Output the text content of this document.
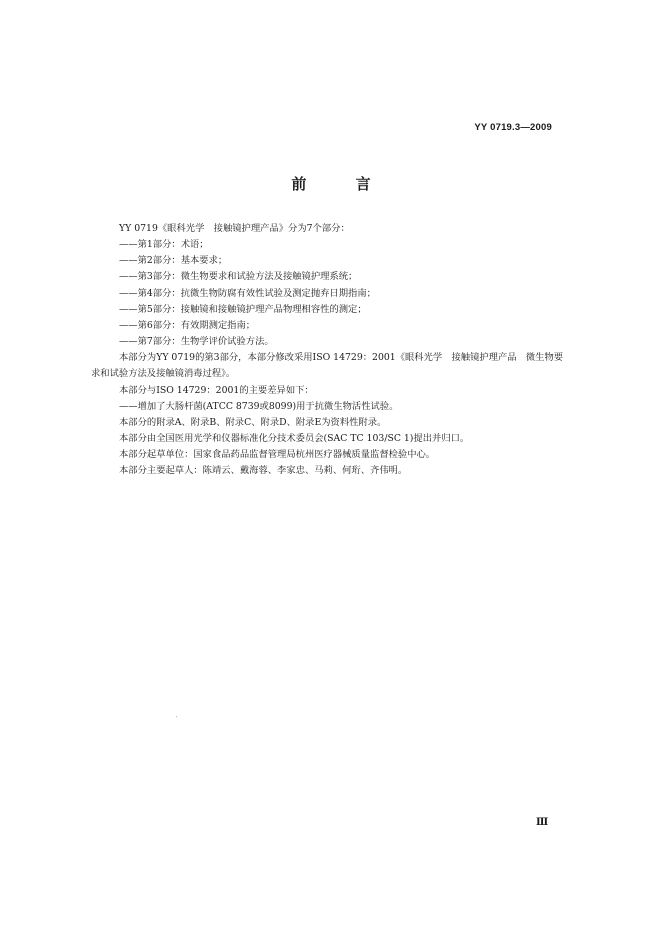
YY 0719.3—2009
前 言

YY 0719《眼科光学　接触镜护理产品》分为7个部分：

——第1部分：术语；

——第2部分：基本要求；

——第3部分：微生物要求和试验方法及接触镜护理系统；

——第4部分：抗微生物防腐有效性试验及测定抛弃日期指南；

——第5部分：接触镜和接触镜护理产品物理相容性的测定；

——第6部分：有效期测定指南；

——第7部分：生物学评价试验方法。

本部分为YY 0719的第3部分，本部分修改采用ISO 14729：2001《眼科光学　接触镜护理产品　微生物要求和试验方法及接触镜消毒过程》。

本部分与ISO 14729：2001的主要差异如下：

——增加了大肠杆菌(ATCC 8739或8099)用于抗微生物活性试验。

本部分的附录A、附录B、附录C、附录D、附录E为资料性附录。

本部分由全国医用光学和仪器标准化分技术委员会(SAC TC 103/SC 1)提出并归口。

本部分起草单位：国家食品药品监督管理局杭州医疗器械质量监督检验中心。

本部分主要起草人：陈靖云、戴海蓉、李家忠、马莉、何珩、齐伟明。

Ⅲ
